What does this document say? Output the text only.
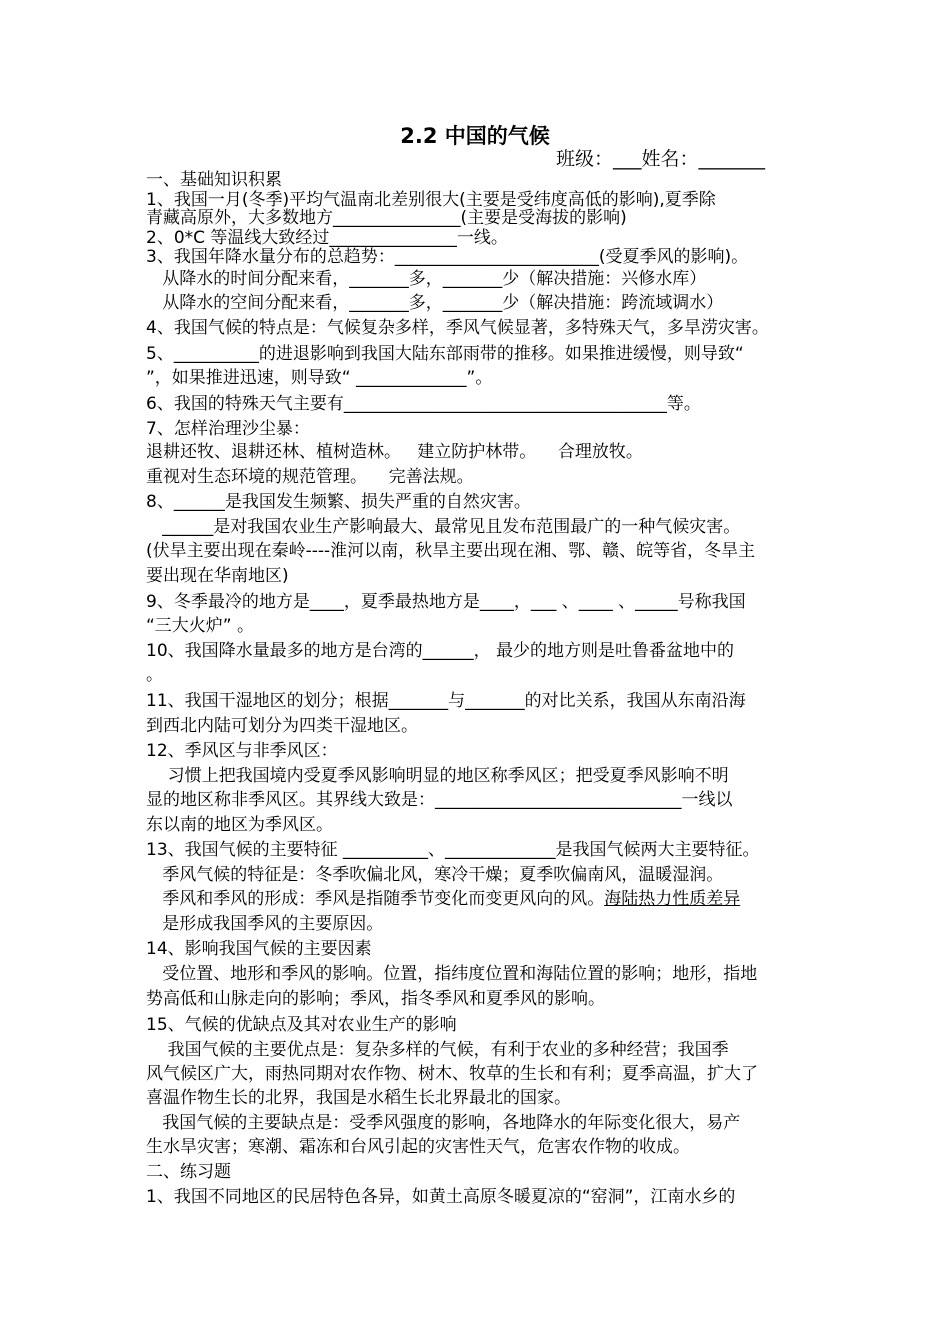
2.2 中国的气候
班级：___姓名：_______
一、基础知识积累
1、我国一月(冬季)平均气温南北差别很大(主要是受纬度高低的影响),夏季除
青藏高原外，大多数地方_______________(主要是受海拔的影响)
2、0*C 等温线大致经过_______________一线。
3、我国年降水量分布的总趋势：________________________(受夏季风的影响)。
从降水的时间分配来看，_______多，_______少（解决措施：兴修水库）
从降水的空间分配来看，_______多，_______少（解决措施：跨流域调水）
4、我国气候的特点是：气候复杂多样，季风气候显著，多特殊天气，多旱涝灾害。
5、__________的进退影响到我国大陆东部雨带的推移。如果推进缓慢，则导致“
”，如果推进迅速，则导致“ _____________”。
6、我国的特殊天气主要有______________________________________等。
7、怎样治理沙尘暴：
退耕还牧、退耕还林、植树造林。   建立防护林带。    合理放牧。
重视对生态环境的规范管理。    完善法规。
8、______是我国发生频繁、损失严重的自然灾害。
______是对我国农业生产影响最大、最常见且发布范围最广的一种气候灾害。
(伏旱主要出现在秦岭----淮河以南，秋旱主要出现在湘、鄂、赣、皖等省，冬旱主
要出现在华南地区)
9、冬季最冷的地方是____，夏季最热地方是____，___ 、____ 、_____号称我国
“三大火炉” 。
10、我国降水量最多的地方是台湾的______， 最少的地方则是吐鲁番盆地中的
。
11、我国干湿地区的划分；根据_______与_______的对比关系，我国从东南沿海
到西北内陆可划分为四类干湿地区。
12、季风区与非季风区：
习惯上把我国境内受夏季风影响明显的地区称季风区；把受夏季风影响不明
显的地区称非季风区。其界线大致是：_____________________________一线以
东以南的地区为季风区。
13、我国气候的主要特征 __________、_____________是我国气候两大主要特征。
季风气候的特征是：冬季吹偏北风，寒冷干燥；夏季吹偏南风，温暖湿润。
季风和季风的形成：季风是指随季节变化而变更风向的风。海陆热力性质差异
是形成我国季风的主要原因。
14、影响我国气候的主要因素
受位置、地形和季风的影响。位置，指纬度位置和海陆位置的影响；地形，指地
势高低和山脉走向的影响；季风，指冬季风和夏季风的影响。
15、气候的优缺点及其对农业生产的影响
我国气候的主要优点是：复杂多样的气候，有利于农业的多种经营；我国季
风气候区广大，雨热同期对农作物、树木、牧草的生长和有利；夏季高温，扩大了
喜温作物生长的北界，我国是水稻生长北界最北的国家。
我国气候的主要缺点是：受季风强度的影响，各地降水的年际变化很大，易产
生水旱灾害；寒潮、霜冻和台风引起的灾害性天气，危害农作物的收成。
二、练习题
1、我国不同地区的民居特色各异，如黄土高原冬暖夏凉的“窑洞”，江南水乡的
